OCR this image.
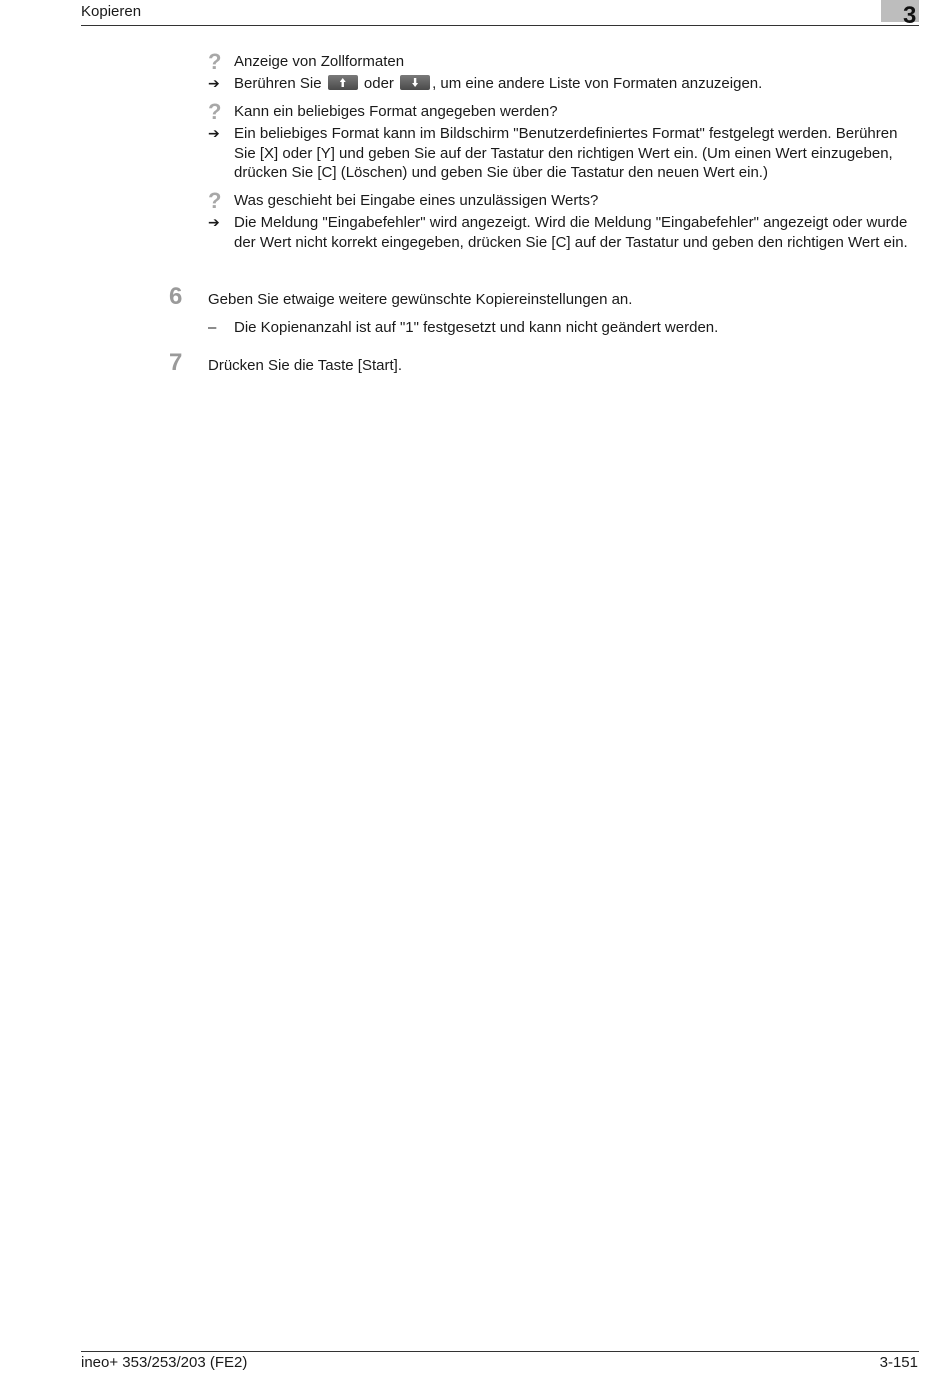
Kopieren	3
? Anzeige von Zollformaten
➔ Berühren Sie  oder , um eine andere Liste von Formaten anzuzeigen.
? Kann ein beliebiges Format angegeben werden?
➔ Ein beliebiges Format kann im Bildschirm "Benutzerdefiniertes Format" festgelegt werden. Berühren Sie [X] oder [Y] und geben Sie auf der Tastatur den richtigen Wert ein. (Um einen Wert einzugeben, drücken Sie [C] (Löschen) und geben Sie über die Tastatur den neuen Wert ein.)
? Was geschieht bei Eingabe eines unzulässigen Werts?
➔ Die Meldung "Eingabefehler" wird angezeigt. Wird die Meldung "Eingabefehler" angezeigt oder wurde der Wert nicht korrekt eingegeben, drücken Sie [C] auf der Tastatur und geben den richtigen Wert ein.
6 Geben Sie etwaige weitere gewünschte Kopiereinstellungen an.
–	Die Kopienanzahl ist auf "1" festgesetzt und kann nicht geändert werden.
7 Drücken Sie die Taste [Start].
ineo+ 353/253/203 (FE2)	3-151
